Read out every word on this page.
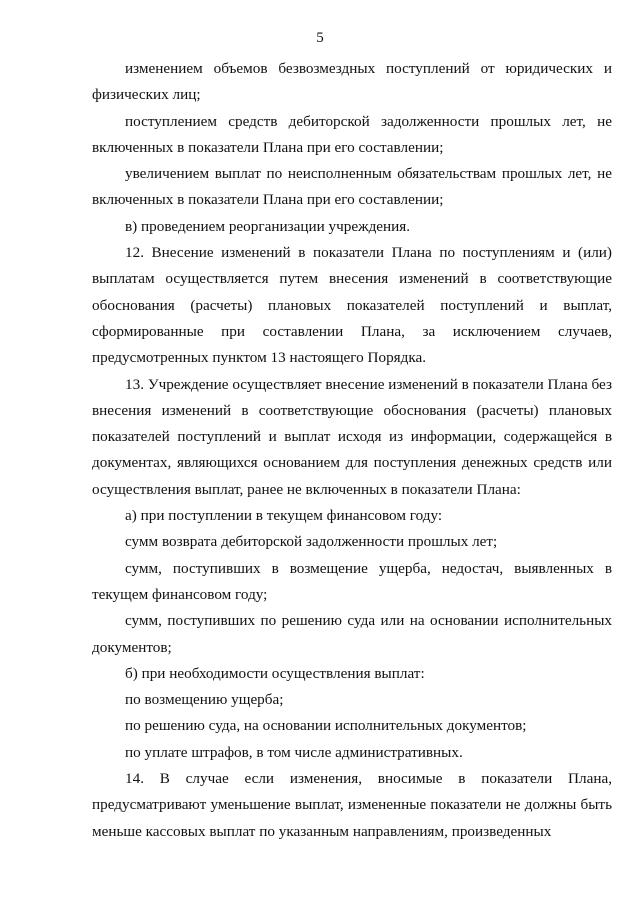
5

изменением объемов безвозмездных поступлений от юридических и физических лиц;

поступлением средств дебиторской задолженности прошлых лет, не включенных в показатели Плана при его составлении;

увеличением выплат по неисполненным обязательствам прошлых лет, не включенных в показатели Плана при его составлении;

в) проведением реорганизации учреждения.

12. Внесение изменений в показатели Плана по поступлениям и (или) выплатам осуществляется путем внесения изменений в соответствующие обоснования (расчеты) плановых показателей поступлений и выплат, сформированные при составлении Плана, за исключением случаев, предусмотренных пунктом 13 настоящего Порядка.

13. Учреждение осуществляет внесение изменений в показатели Плана без внесения изменений в соответствующие обоснования (расчеты) плановых показателей поступлений и выплат исходя из информации, содержащейся в документах, являющихся основанием для поступления денежных средств или осуществления выплат, ранее не включенных в показатели Плана:

а) при поступлении в текущем финансовом году:

сумм возврата дебиторской задолженности прошлых лет;

сумм, поступивших в возмещение ущерба, недостач, выявленных в текущем финансовом году;

сумм, поступивших по решению суда или на основании исполнительных документов;

б) при необходимости осуществления выплат:

по возмещению ущерба;

по решению суда, на основании исполнительных документов;

по уплате штрафов, в том числе административных.

14. В случае если изменения, вносимые в показатели Плана, предусматривают уменьшение выплат, измененные показатели не должны быть меньше кассовых выплат по указанным направлениям, произведенных
